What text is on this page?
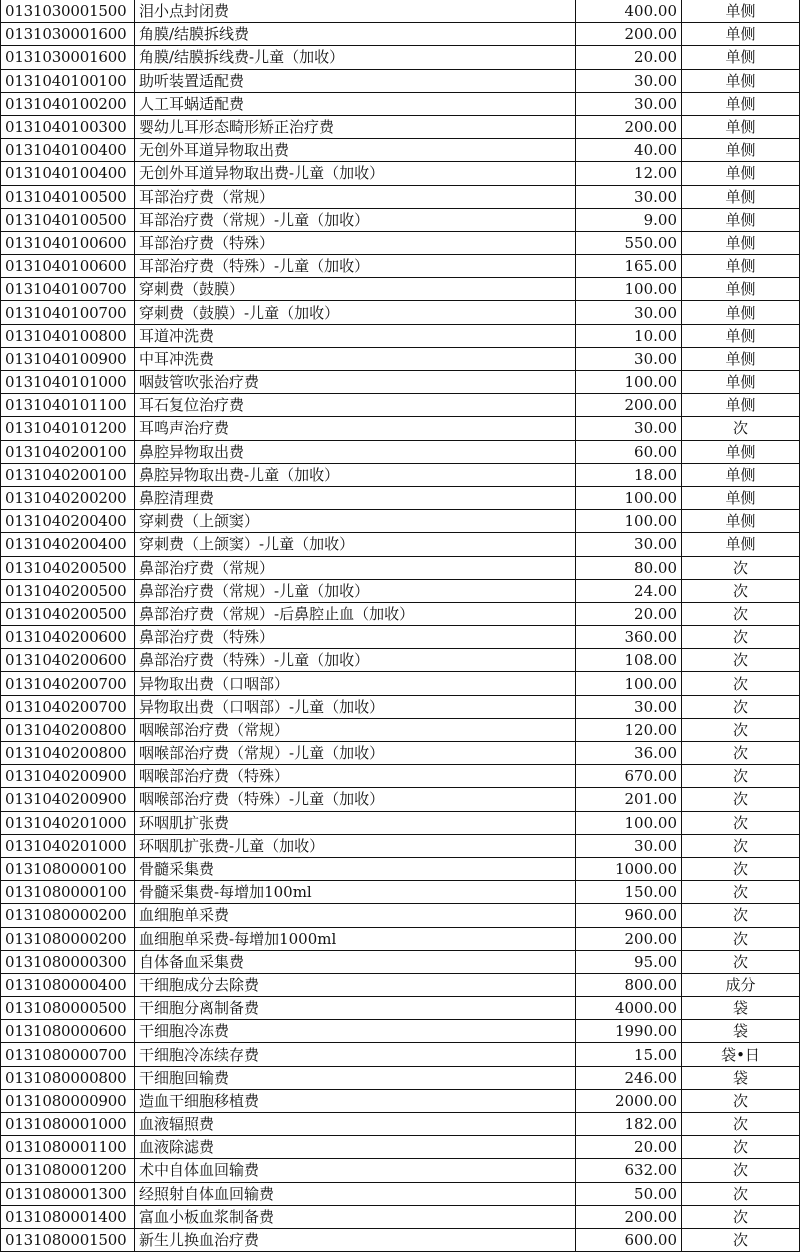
0131030001500	泪小点封闭费	400.00	单侧
0131030001600	角膜/结膜拆线费	200.00	单侧
0131030001600	角膜/结膜拆线费-儿童（加收）	20.00	单侧
0131040100100	助听装置适配费	30.00	单侧
0131040100200	人工耳蜗适配费	30.00	单侧
0131040100300	婴幼儿耳形态畸形矫正治疗费	200.00	单侧
0131040100400	无创外耳道异物取出费	40.00	单侧
0131040100400	无创外耳道异物取出费-儿童（加收）	12.00	单侧
0131040100500	耳部治疗费（常规）	30.00	单侧
0131040100500	耳部治疗费（常规）-儿童（加收）	9.00	单侧
0131040100600	耳部治疗费（特殊）	550.00	单侧
0131040100600	耳部治疗费（特殊）-儿童（加收）	165.00	单侧
0131040100700	穿刺费（鼓膜）	100.00	单侧
0131040100700	穿刺费（鼓膜）-儿童（加收）	30.00	单侧
0131040100800	耳道冲洗费	10.00	单侧
0131040100900	中耳冲洗费	30.00	单侧
0131040101000	咽鼓管吹张治疗费	100.00	单侧
0131040101100	耳石复位治疗费	200.00	单侧
0131040101200	耳鸣声治疗费	30.00	次
0131040200100	鼻腔异物取出费	60.00	单侧
0131040200100	鼻腔异物取出费-儿童（加收）	18.00	单侧
0131040200200	鼻腔清理费	100.00	单侧
0131040200400	穿刺费（上颌窦）	100.00	单侧
0131040200400	穿刺费（上颌窦）-儿童（加收）	30.00	单侧
0131040200500	鼻部治疗费（常规）	80.00	次
0131040200500	鼻部治疗费（常规）-儿童（加收）	24.00	次
0131040200500	鼻部治疗费（常规）-后鼻腔止血（加收）	20.00	次
0131040200600	鼻部治疗费（特殊）	360.00	次
0131040200600	鼻部治疗费（特殊）-儿童（加收）	108.00	次
0131040200700	异物取出费（口咽部）	100.00	次
0131040200700	异物取出费（口咽部）-儿童（加收）	30.00	次
0131040200800	咽喉部治疗费（常规）	120.00	次
0131040200800	咽喉部治疗费（常规）-儿童（加收）	36.00	次
0131040200900	咽喉部治疗费（特殊）	670.00	次
0131040200900	咽喉部治疗费（特殊）-儿童（加收）	201.00	次
0131040201000	环咽肌扩张费	100.00	次
0131040201000	环咽肌扩张费-儿童（加收）	30.00	次
0131080000100	骨髓采集费	1000.00	次
0131080000100	骨髓采集费-每增加100ml	150.00	次
0131080000200	血细胞单采费	960.00	次
0131080000200	血细胞单采费-每增加1000ml	200.00	次
0131080000300	自体备血采集费	95.00	次
0131080000400	干细胞成分去除费	800.00	成分
0131080000500	干细胞分离制备费	4000.00	袋
0131080000600	干细胞冷冻费	1990.00	袋
0131080000700	干细胞冷冻续存费	15.00	袋•日
0131080000800	干细胞回输费	246.00	袋
0131080000900	造血干细胞移植费	2000.00	次
0131080001000	血液辐照费	182.00	次
0131080001100	血液除滤费	20.00	次
0131080001200	术中自体血回输费	632.00	次
0131080001300	经照射自体血回输费	50.00	次
0131080001400	富血小板血浆制备费	200.00	次
0131080001500	新生儿换血治疗费	600.00	次
